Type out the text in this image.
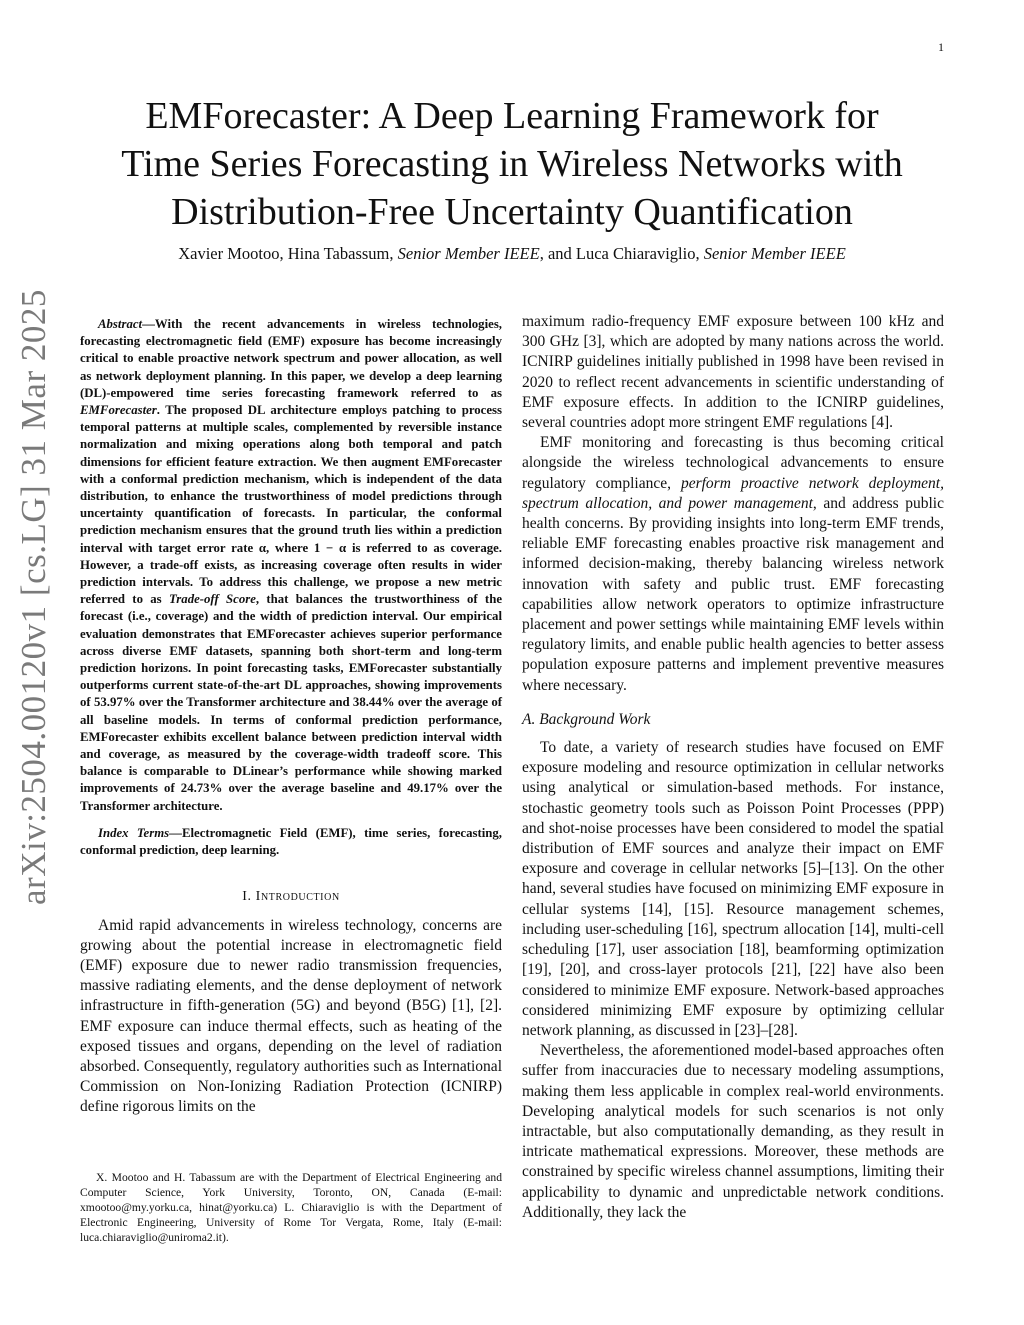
1
arXiv:2504.00120v1 [cs.LG] 31 Mar 2025
EMForecaster: A Deep Learning Framework for
Time Series Forecasting in Wireless Networks with
Distribution-Free Uncertainty Quantification
Xavier Mootoo, Hina Tabassum, Senior Member IEEE, and Luca Chiaraviglio, Senior Member IEEE

Abstract—With the recent advancements in wireless technologies, forecasting electromagnetic field (EMF) exposure has become increasingly critical to enable proactive network spectrum and power allocation, as well as network deployment planning. In this paper, we develop a deep learning (DL)-empowered time series forecasting framework referred to as EMForecaster. The proposed DL architecture employs patching to process temporal patterns at multiple scales, complemented by reversible instance normalization and mixing operations along both temporal and patch dimensions for efficient feature extraction. We then augment EMForecaster with a conformal prediction mechanism, which is independent of the data distribution, to enhance the trustworthiness of model predictions through uncertainty quantification of forecasts. In particular, the conformal prediction mechanism ensures that the ground truth lies within a prediction interval with target error rate α, where 1 − α is referred to as coverage. However, a trade-off exists, as increasing coverage often results in wider prediction intervals. To address this challenge, we propose a new metric referred to as Trade-off Score, that balances the trustworthiness of the forecast (i.e., coverage) and the width of prediction interval. Our empirical evaluation demonstrates that EMForecaster achieves superior performance across diverse EMF datasets, spanning both short-term and long-term prediction horizons. In point forecasting tasks, EMForecaster substantially outperforms current state-of-the-art DL approaches, showing improvements of 53.97% over the Transformer architecture and 38.44% over the average of all baseline models. In terms of conformal prediction performance, EMForecaster exhibits excellent balance between prediction interval width and coverage, as measured by the coverage-width tradeoff score. This balance is comparable to DLinear’s performance while showing marked improvements of 24.73% over the average baseline and 49.17% over the Transformer architecture.

Index Terms—Electromagnetic Field (EMF), time series, forecasting, conformal prediction, deep learning.

I. Introduction

Amid rapid advancements in wireless technology, concerns are growing about the potential increase in electromagnetic field (EMF) exposure due to newer radio transmission frequencies, massive radiating elements, and the dense deployment of network infrastructure in fifth-generation (5G) and beyond (B5G) [1], [2]. EMF exposure can induce thermal effects, such as heating of the exposed tissues and organs, depending on the level of radiation absorbed. Consequently, regulatory authorities such as International Commission on Non-Ionizing Radiation Protection (ICNIRP) define rigorous limits on the

X. Mootoo and H. Tabassum are with the Department of Electrical Engineering and Computer Science, York University, Toronto, ON, Canada (E-mail: xmootoo@my.yorku.ca, hinat@yorku.ca) L. Chiaraviglio is with the Department of Electronic Engineering, University of Rome Tor Vergata, Rome, Italy (E-mail: luca.chiaraviglio@uniroma2.it).

maximum radio-frequency EMF exposure between 100 kHz and 300 GHz [3], which are adopted by many nations across the world. ICNIRP guidelines initially published in 1998 have been revised in 2020 to reflect recent advancements in scientific understanding of EMF exposure effects. In addition to the ICNIRP guidelines, several countries adopt more stringent EMF regulations [4].

EMF monitoring and forecasting is thus becoming critical alongside the wireless technological advancements to ensure regulatory compliance, perform proactive network deployment, spectrum allocation, and power management, and address public health concerns. By providing insights into long-term EMF trends, reliable EMF forecasting enables proactive risk management and informed decision-making, thereby balancing wireless network innovation with safety and public trust. EMF forecasting capabilities allow network operators to optimize infrastructure placement and power settings while maintaining EMF levels within regulatory limits, and enable public health agencies to better assess population exposure patterns and implement preventive measures where necessary.

A. Background Work

To date, a variety of research studies have focused on EMF exposure modeling and resource optimization in cellular networks using analytical or simulation-based methods. For instance, stochastic geometry tools such as Poisson Point Processes (PPP) and shot-noise processes have been considered to model the spatial distribution of EMF sources and analyze their impact on EMF exposure and coverage in cellular networks [5]–[13]. On the other hand, several studies have focused on minimizing EMF exposure in cellular systems [14], [15]. Resource management schemes, including user-scheduling [16], spectrum allocation [14], multi-cell scheduling [17], user association [18], beamforming optimization [19], [20], and cross-layer protocols [21], [22] have also been considered to minimize EMF exposure. Network-based approaches considered minimizing EMF exposure by optimizing cellular network planning, as discussed in [23]–[28].

Nevertheless, the aforementioned model-based approaches often suffer from inaccuracies due to necessary modeling assumptions, making them less applicable in complex real-world environments. Developing analytical models for such scenarios is not only intractable, but also computationally demanding, as they result in intricate mathematical expressions. Moreover, these methods are constrained by specific wireless channel assumptions, limiting their applicability to dynamic and unpredictable network conditions. Additionally, they lack the
